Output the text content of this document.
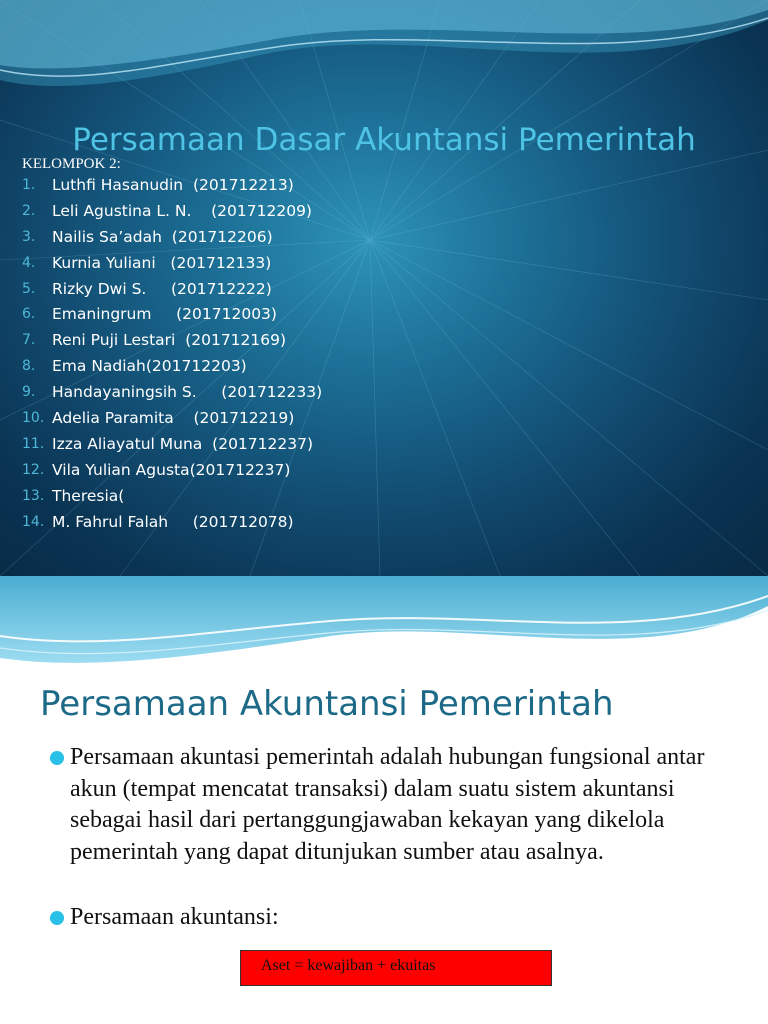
Persamaan Dasar Akuntansi Pemerintah
KELOMPOK 2:
1.	Luthfi Hasanudin  (201712213)
2.	Leli Agustina L. N.    (201712209)
3.	Nailis Sa’adah  (201712206)
4.	Kurnia Yuliani   (201712133)
5.	Rizky Dwi S.     (201712222)
6.	Emaningrum     (201712003)
7.	Reni Puji Lestari  (201712169)
8.	Ema Nadiah(201712203)
9.	Handayaningsih S.     (201712233)
10. Adelia Paramita    (201712219)
11. Izza Aliayatul Muna  (201712237)
12. Vila Yulian Agusta(201712237)
13. Theresia(
14. M. Fahrul Falah     (201712078)
Persamaan Akuntansi Pemerintah
Persamaan akuntasi pemerintah adalah hubungan fungsional antar akun (tempat mencatat transaksi) dalam suatu sistem akuntansi sebagai hasil dari pertanggungjawaban kekayan yang dikelola pemerintah yang dapat ditunjukan sumber atau asalnya.
Persamaan akuntansi:
Aset = kewajiban + ekuitas
